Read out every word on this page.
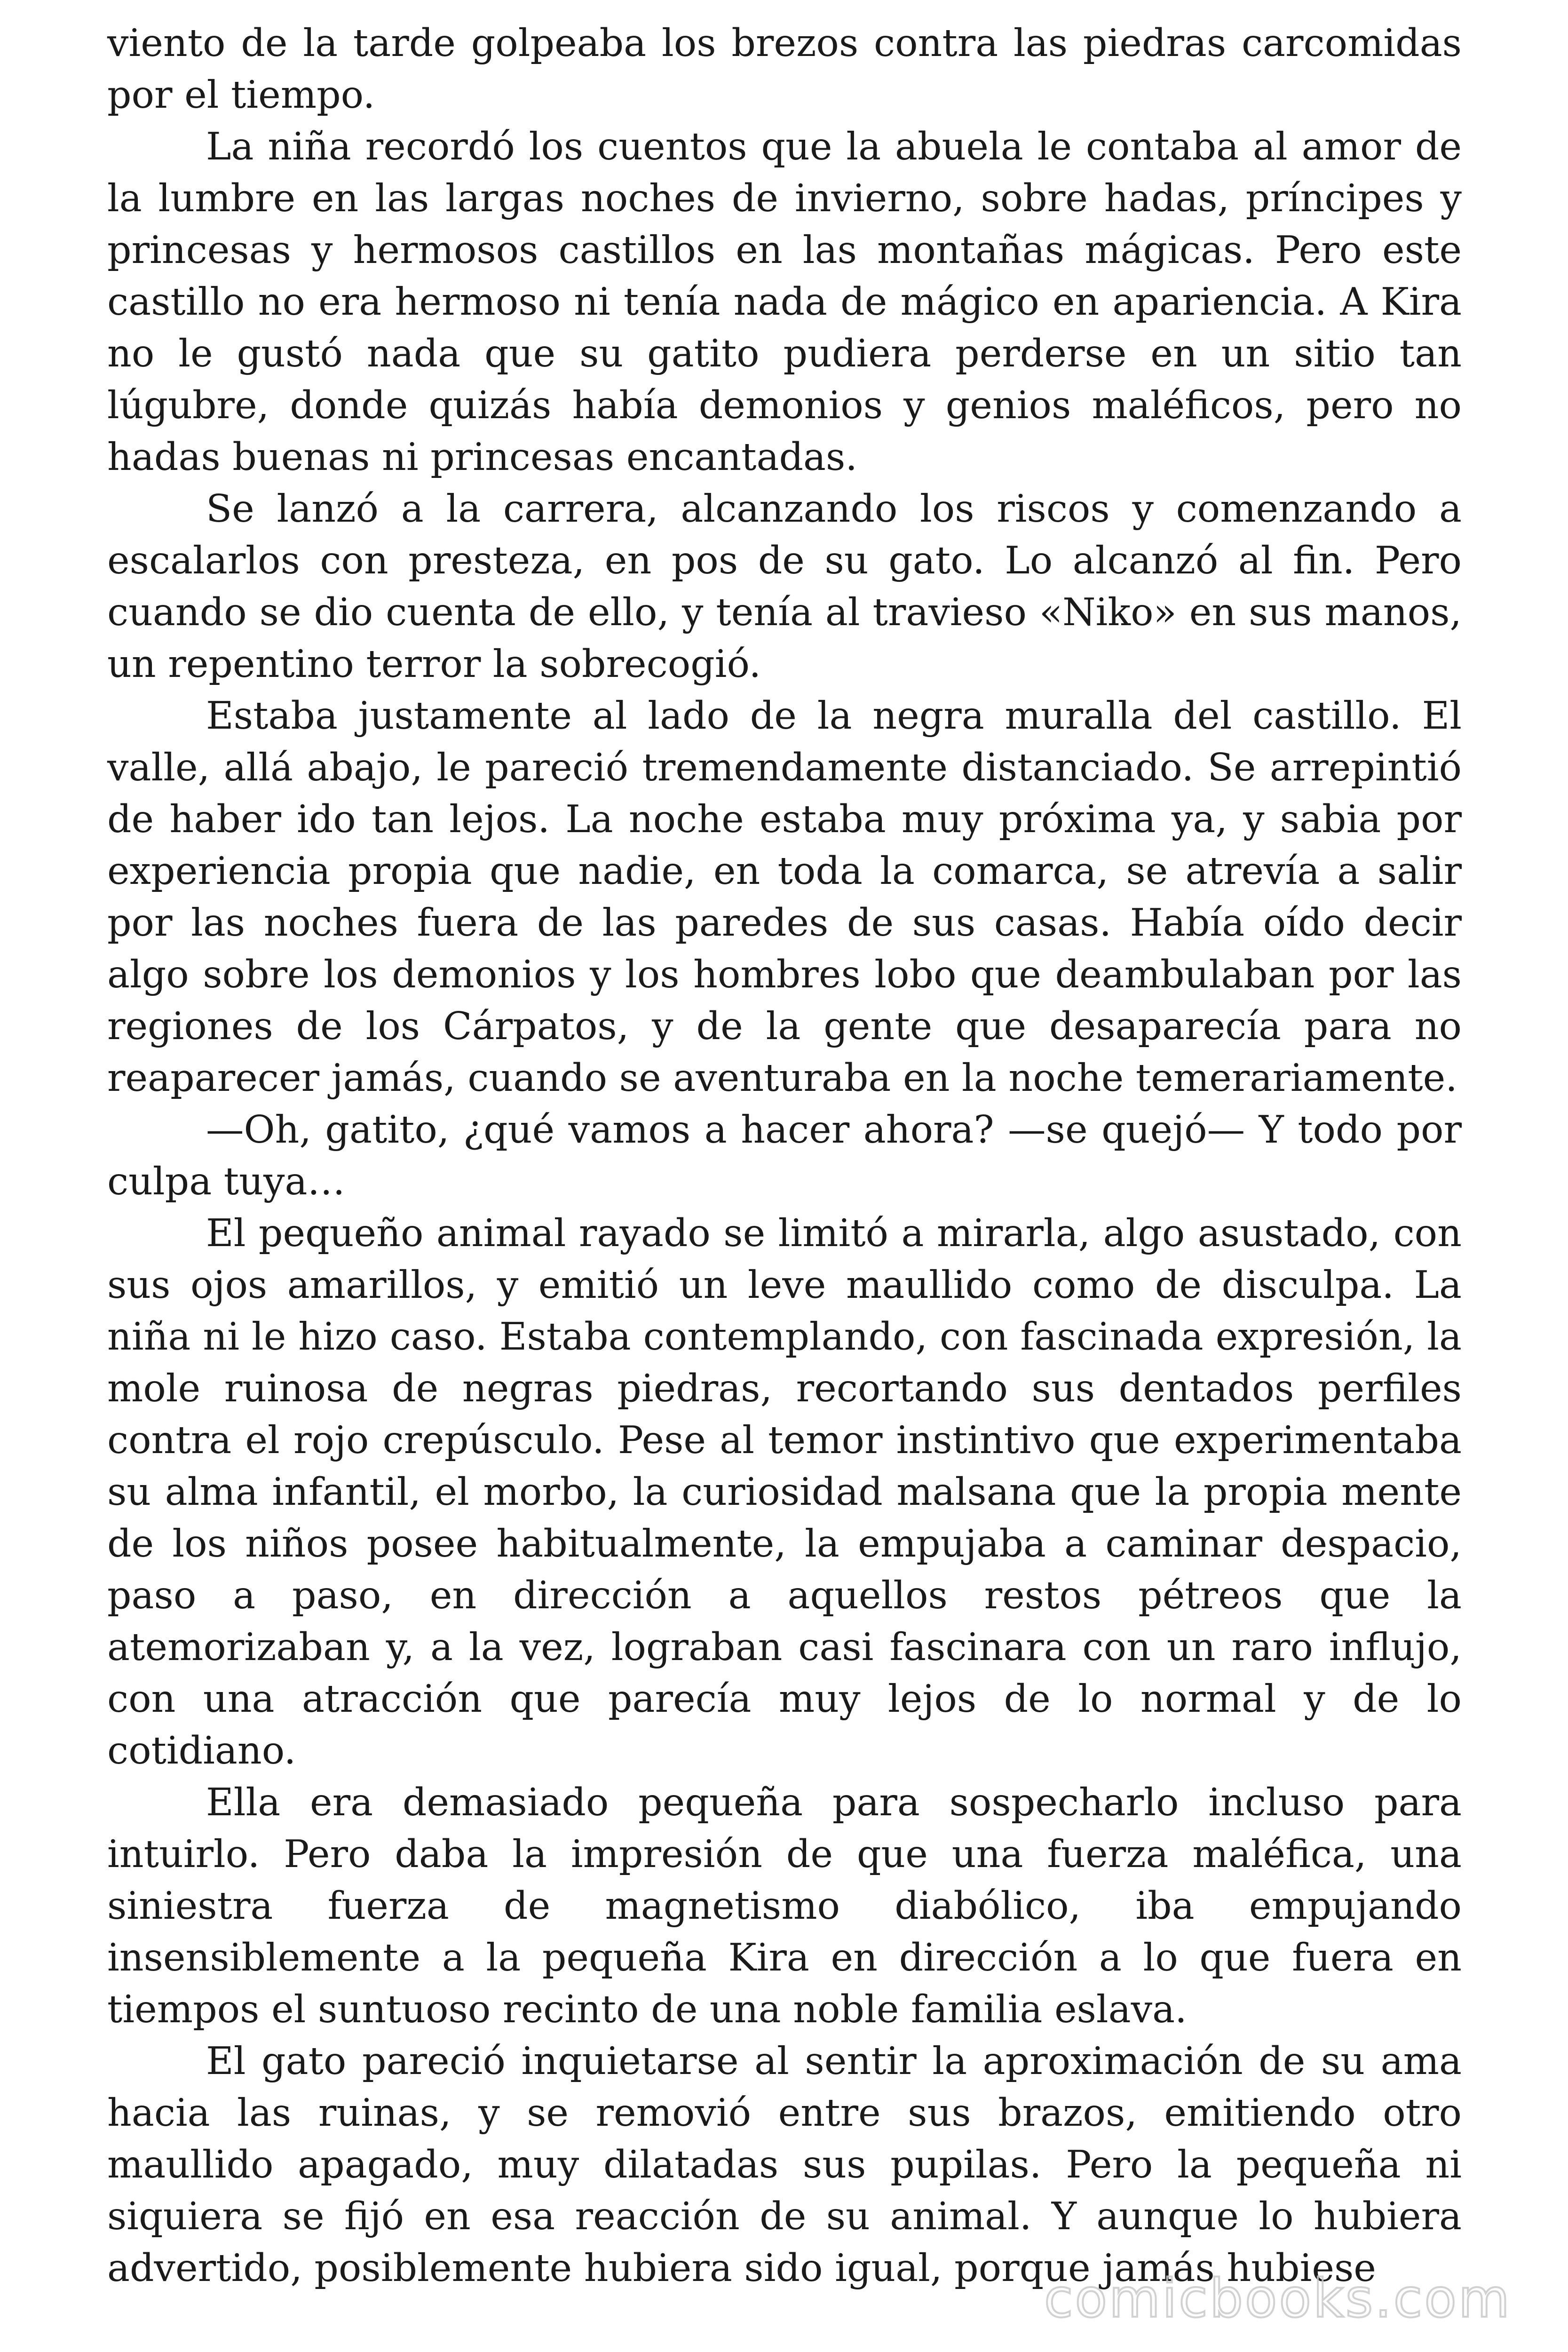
viento de la tarde golpeaba los brezos contra las piedras carcomidas por el tiempo.

La niña recordó los cuentos que la abuela le contaba al amor de la lumbre en las largas noches de invierno, sobre hadas, príncipes y princesas y hermosos castillos en las montañas mágicas. Pero este castillo no era hermoso ni tenía nada de mágico en apariencia. A Kira no le gustó nada que su gatito pudiera perderse en un sitio tan lúgubre, donde quizás había demonios y genios maléficos, pero no hadas buenas ni princesas encantadas.

Se lanzó a la carrera, alcanzando los riscos y comenzando a escalarlos con presteza, en pos de su gato. Lo alcanzó al fin. Pero cuando se dio cuenta de ello, y tenía al travieso «Niko» en sus manos, un repentino terror la sobrecogió.

Estaba justamente al lado de la negra muralla del castillo. El valle, allá abajo, le pareció tremendamente distanciado. Se arrepintió de haber ido tan lejos. La noche estaba muy próxima ya, y sabia por experiencia propia que nadie, en toda la comarca, se atrevía a salir por las noches fuera de las paredes de sus casas. Había oído decir algo sobre los demonios y los hombres lobo que deambulaban por las regiones de los Cárpatos, y de la gente que desaparecía para no reaparecer jamás, cuando se aventuraba en la noche temerariamente.

—Oh, gatito, ¿qué vamos a hacer ahora? —se quejó— Y todo por culpa tuya…

El pequeño animal rayado se limitó a mirarla, algo asustado, con sus ojos amarillos, y emitió un leve maullido como de disculpa. La niña ni le hizo caso. Estaba contemplando, con fascinada expresión, la mole ruinosa de negras piedras, recortando sus dentados perfiles contra el rojo crepúsculo. Pese al temor instintivo que experimentaba su alma infantil, el morbo, la curiosidad malsana que la propia mente de los niños posee habitualmente, la empujaba a caminar despacio, paso a paso, en dirección a aquellos restos pétreos que la atemorizaban y, a la vez, lograban casi fascinara con un raro influjo, con una atracción que parecía muy lejos de lo normal y de lo cotidiano.

Ella era demasiado pequeña para sospecharlo incluso para intuirlo. Pero daba la impresión de que una fuerza maléfica, una siniestra fuerza de magnetismo diabólico, iba empujando insensiblemente a la pequeña Kira en dirección a lo que fuera en tiempos el suntuoso recinto de una noble familia eslava.

El gato pareció inquietarse al sentir la aproximación de su ama hacia las ruinas, y se removió entre sus brazos, emitiendo otro maullido apagado, muy dilatadas sus pupilas. Pero la pequeña ni siquiera se fijó en esa reacción de su animal. Y aunque lo hubiera advertido, posiblemente hubiera sido igual, porque jamás hubiese

comicbooks.com
